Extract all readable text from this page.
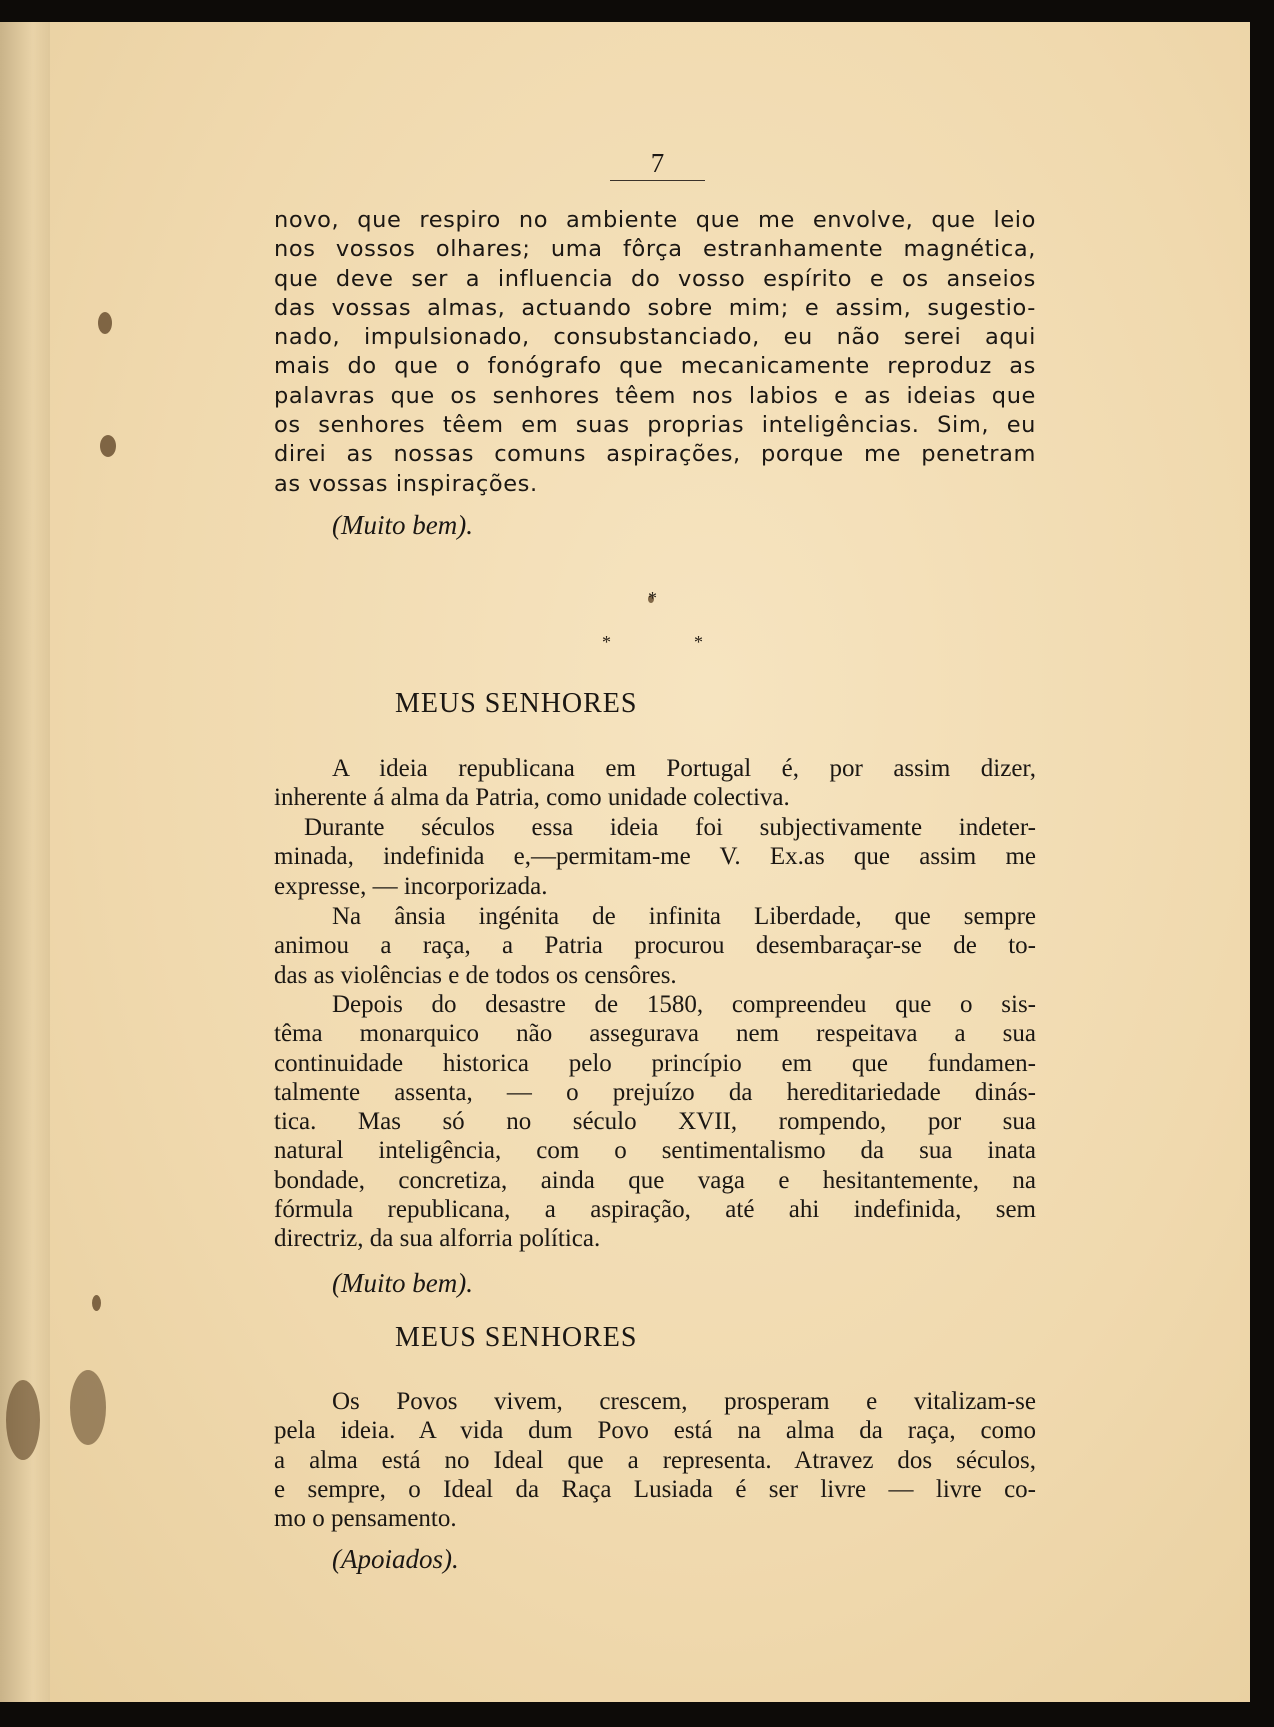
7
novo, que respiro no ambiente que me envolve, que leio
nos vossos olhares; uma fôrça estranhamente magnética,
que deve ser a influencia do vosso espírito e os anseios
das vossas almas, actuando sobre mim; e assim, sugestio-
nado, impulsionado, consubstanciado, eu não serei aqui
mais do que o fonógrafo que mecanicamente reproduz as
palavras que os senhores têem nos labios e as ideias que
os senhores têem em suas proprias inteligências. Sim, eu
direi as nossas comuns aspirações, porque me penetram
as vossas inspirações.
(Muito bem).
*
*	*
MEUS SENHORES
A ideia republicana em Portugal é, por assim dizer,
inherente á alma da Patria, como unidade colectiva.
Durante séculos essa ideia foi subjectivamente indeter-
minada, indefinida e,—permitam-me V. Ex.as que assim me
expresse, — incorporizada.
Na ânsia ingénita de infinita Liberdade, que sempre
animou a raça, a Patria procurou desembaraçar-se de to-
das as violências e de todos os censôres.
Depois do desastre de 1580, compreendeu que o sis-
têma monarquico não assegurava nem respeitava a sua
continuidade historica pelo princípio em que fundamen-
talmente assenta, — o prejuízo da hereditariedade dinás-
tica. Mas só no século XVII, rompendo, por sua
natural inteligência, com o sentimentalismo da sua inata
bondade, concretiza, ainda que vaga e hesitantemente, na
fórmula republicana, a aspiração, até ahi indefinida, sem
directriz, da sua alforria política.
(Muito bem).
MEUS SENHORES
Os Povos vivem, crescem, prosperam e vitalizam-se
pela ideia. A vida dum Povo está na alma da raça, como
a alma está no Ideal que a representa. Atravez dos séculos,
e sempre, o Ideal da Raça Lusiada é ser livre — livre co-
mo o pensamento.
(Apoiados).
